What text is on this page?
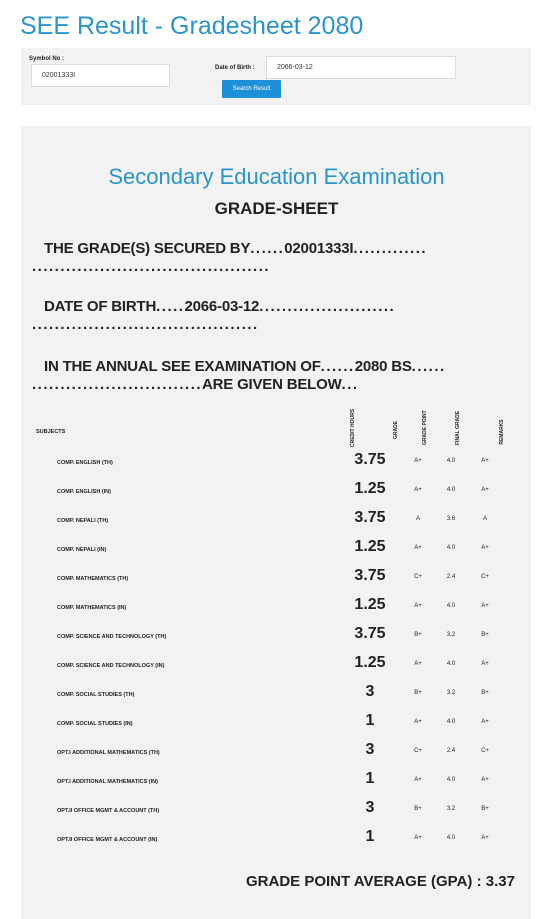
SEE Result - Gradesheet 2080
Symbol No :
02001333I
Date of Birth :	2066-03-12
Search Result
Secondary Education Examination
GRADE-SHEET
THE GRADE(S) SECURED BY......02001333I.............
..........................................
DATE OF BIRTH.....2066-03-12........................
........................................
IN THE ANNUAL SEE EXAMINATION OF......2080 BS......
..............................ARE GIVEN BELOW...
SUBJECTS	CREDIT HOURS	GRADE	GRADE POINT	FINAL GRADE	REMARKS
COMP. ENGLISH (TH)	3.75	A+	4.0	A+
COMP. ENGLISH (IN)	1.25	A+	4.0	A+
COMP. NEPALI (TH)	3.75	A	3.6	A
COMP. NEPALI (IN)	1.25	A+	4.0	A+
COMP. MATHEMATICS (TH)	3.75	C+	2.4	C+
COMP. MATHEMATICS (IN)	1.25	A+	4.0	A+
COMP. SCIENCE AND TECHNOLOGY (TH)	3.75	B+	3.2	B+
COMP. SCIENCE AND TECHNOLOGY (IN)	1.25	A+	4.0	A+
COMP. SOCIAL STUDIES (TH)	3	B+	3.2	B+
COMP. SOCIAL STUDIES (IN)	1	A+	4.0	A+
OPT.I ADDITIONAL MATHEMATICS (TH)	3	C+	2.4	C+
OPT.I ADDITIONAL MATHEMATICS (IN)	1	A+	4.0	A+
OPT.II OFFICE MGMT & ACCOUNT (TH)	3	B+	3.2	B+
OPT.II OFFICE MGMT & ACCOUNT (IN)	1	A+	4.0	A+
GRADE POINT AVERAGE (GPA) : 3.37
